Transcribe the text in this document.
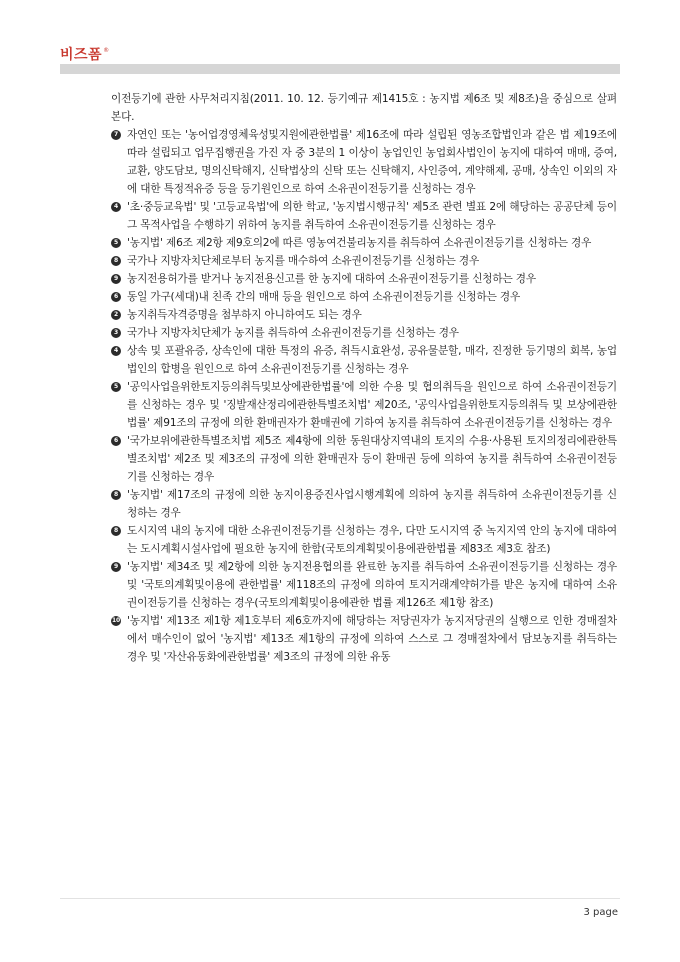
비즈폼 ®

이전등기에 관한 사무처리지침(2011. 10. 12. 등기예규 제1415호 : 농지법 제6조 및 제8조)을 중심으로 살펴본다.

7 자연인 또는 '농어업경영체육성및지원에관한법률' 제16조에 따라 설립된 영농조합법인과 같은 법 제19조에 따라 설립되고 업무집행권을 가진 자 중 3분의 1 이상이 농업인인 농업회사법인이 농지에 대하여 매매, 증여, 교환, 양도담보, 명의신탁해지, 신탁법상의 신탁 또는 신탁해지, 사인증여, 계약해제, 공매, 상속인 이외의 자에 대한 특정적유증 등을 등기원인으로 하여 소유권이전등기를 신청하는 경우
4 '초·중등교육법' 및 '고등교육법'에 의한 학교, '농지법시행규칙' 제5조 관련 별표 2에 해당하는 공공단체 등이 그 목적사업을 수행하기 위하여 농지를 취득하여 소유권이전등기를 신청하는 경우
5 '농지법' 제6조 제2항 제9호의2에 따른 영농여건불리농지를 취득하여 소유권이전등기를 신청하는 경우
8 국가나 지방자치단체로부터 농지를 매수하여 소유권이전등기를 신청하는 경우
9 농지전용허가를 받거나 농지전용신고를 한 농지에 대하여 소유권이전등기를 신청하는 경우
6 동일 가구(세대)내 친족 간의 매매 등을 원인으로 하여 소유권이전등기를 신청하는 경우
2 농지취득자격증명을 첨부하지 아니하여도 되는 경우
3 국가나 지방자치단체가 농지를 취득하여 소유권이전등기를 신청하는 경우
4 상속 및 포괄유증, 상속인에 대한 특정의 유증, 취득시효완성, 공유물분할, 매각, 진정한 등기명의 회복, 농업법인의 합병을 원인으로 하여 소유권이전등기를 신청하는 경우
5 '공익사업을위한토지등의취득및보상에관한법률'에 의한 수용 및 협의취득을 원인으로 하여 소유권이전등기를 신청하는 경우 및 '징발재산정리에관한특별조치법' 제20조, '공익사업을위한토지등의취득 및 보상에관한법률' 제91조의 규정에 의한 환매권자가 환매권에 기하여 농지를 취득하여 소유권이전등기를 신청하는 경우
6 '국가보위에관한특별조치법 제5조 제4항에 의한 동원대상지역내의 토지의 수용·사용된 토지의정리에관한특별조치법' 제2조 및 제3조의 규정에 의한 환매권자 등이 환매권 등에 의하여 농지를 취득하여 소유권이전등기를 신청하는 경우
8 '농지법' 제17조의 규정에 의한 농지이용증진사업시행계획에 의하여 농지를 취득하여 소유권이전등기를 신청하는 경우
8 도시지역 내의 농지에 대한 소유권이전등기를 신청하는 경우, 다만 도시지역 중 녹지지역 안의 농지에 대하여는 도시계획시설사업에 필요한 농지에 한함(국토의계획및이용에관한법률 제83조 제3호 참조)
9 '농지법' 제34조 및 제2항에 의한 농지전용협의를 완료한 농지를 취득하여 소유권이전등기를 신청하는 경우 및 '국토의계획및이용에 관한법률' 제118조의 규정에 의하여 토지거래계약허가를 받은 농지에 대하여 소유권이전등기를 신청하는 경우(국토의계획및이용에관한 법률 제126조 제1항 참조)
10 '농지법' 제13조 제1항 제1호부터 제6호까지에 해당하는 저당권자가 농지저당권의 실행으로 인한 경매절차에서 매수인이 없어 '농지법' 제13조 제1항의 규정에 의하여 스스로 그 경매절차에서 담보농지를 취득하는 경우 및 '자산유동화에관한법률' 제3조의 규정에 의한 유동
3 page
